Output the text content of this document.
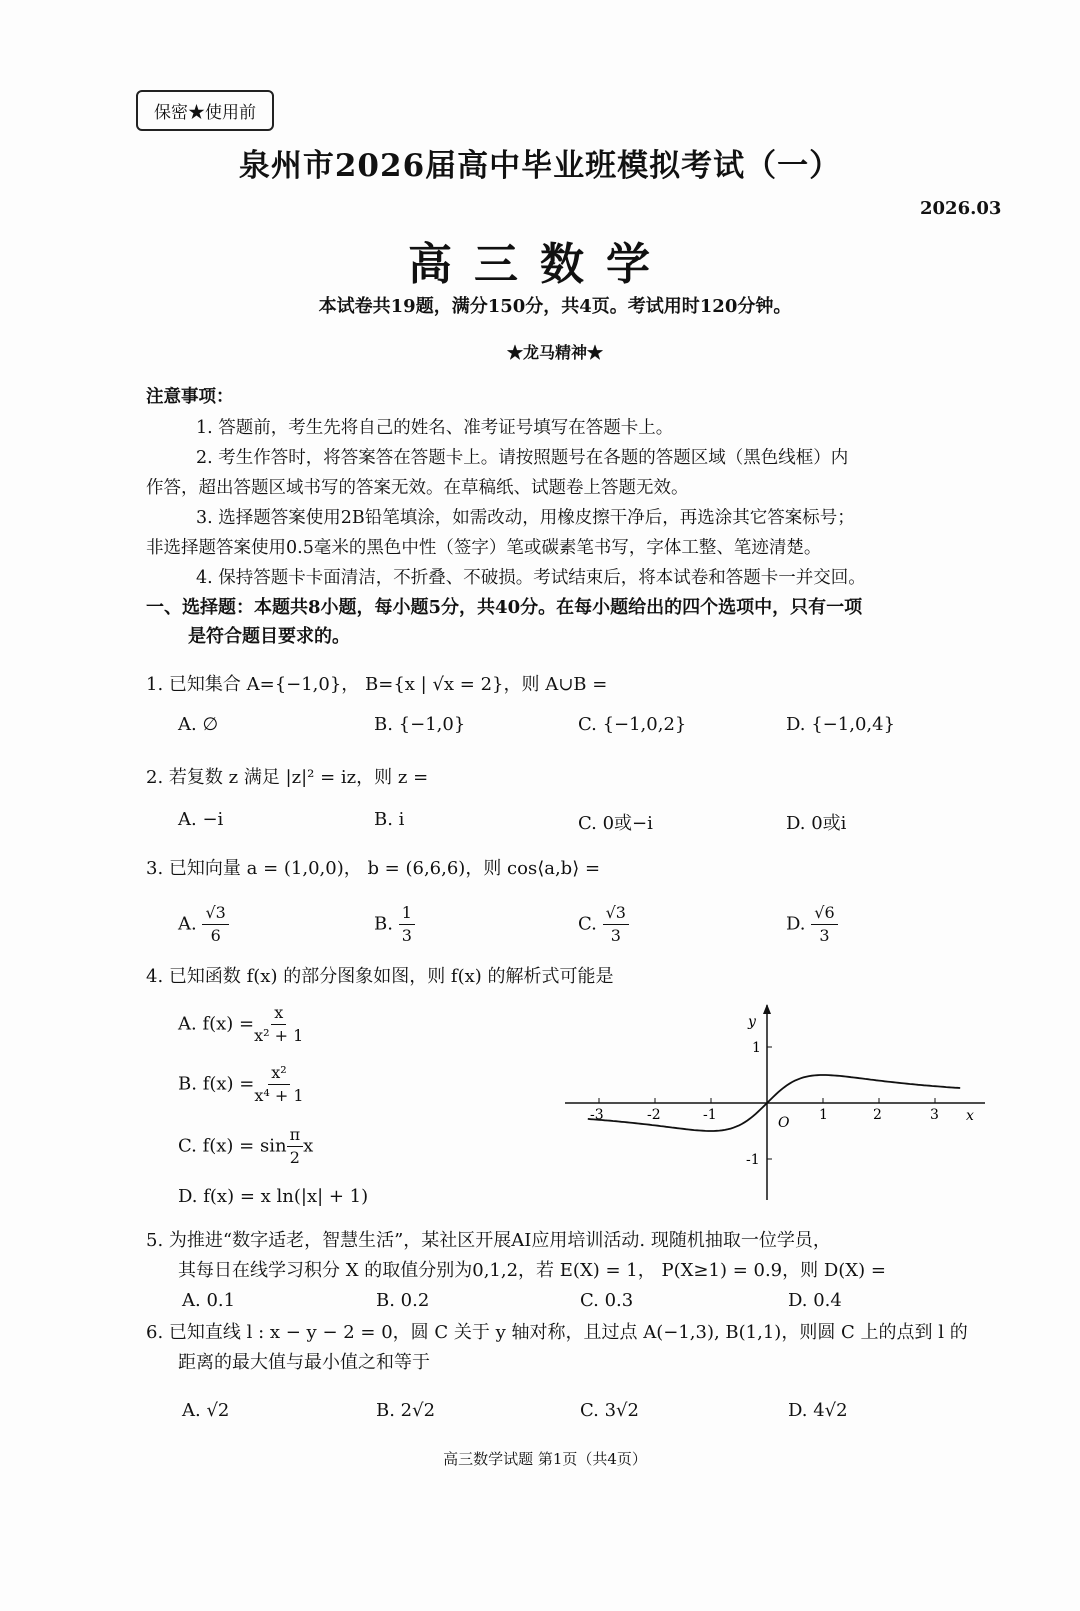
保密★使用前
泉州市2026届高中毕业班模拟考试（一）
2026.03
高三数学
本试卷共19题，满分150分，共4页。考试用时120分钟。
★龙马精神★
注意事项：
1. 答题前，考生先将自己的姓名、准考证号填写在答题卡上。
2. 考生作答时，将答案答在答题卡上。请按照题号在各题的答题区域（黑色线框）内
作答，超出答题区域书写的答案无效。在草稿纸、试题卷上答题无效。
3. 选择题答案使用2B铅笔填涂，如需改动，用橡皮擦干净后，再选涂其它答案标号；
非选择题答案使用0.5毫米的黑色中性（签字）笔或碳素笔书写，字体工整、笔迹清楚。
4. 保持答题卡卡面清洁，不折叠、不破损。考试结束后，将本试卷和答题卡一并交回。
一、选择题：本题共8小题，每小题5分，共40分。在每小题给出的四个选项中，只有一项
是符合题目要求的。
1. 已知集合 A={−1,0}， B={x | √x = 2}，则 A∪B =
A. ∅	B. {−1,0}	C. {−1,0,2}	D. {−1,0,4}
2. 若复数 z 满足 |z|² = iz，则 z =
A. −i	B. i	C. 0或−i	D. 0或i
3. 已知向量 a = (1,0,0)， b = (6,6,6)，则 cos⟨a,b⟩ =
A. $\frac{√3}{6}$	B. $\frac{1}{3}$	C. $\frac{√3}{3}$	D. $\frac{√6}{3}$
4. 已知函数 f(x) 的部分图象如图，则 f(x) 的解析式可能是
A. $f(x) = \frac{x}{\text{x² + 1}}$
B. $f(x) = \frac{\text{x²}}{\text{x⁴ + 1}}$
C. $f(x) = \sin \frac{\pi}{2}$ x
D. f(x) = x ln(|x| + 1)
y
x
O
1
-1
-3	-2	-1	1	2	3
5. 为推进“数字适老，智慧生活”，某社区开展AI应用培训活动. 现随机抽取一位学员，
其每日在线学习积分 X 的取值分别为0,1,2，若 E(X) = 1， P(X≥1) = 0.9，则 D(X) =
A. 0.1	B. 0.2	C. 0.3	D. 0.4
6. 已知直线 l : x − y − 2 = 0，圆 C 关于 y 轴对称，且过点 A(−1,3), B(1,1)，则圆 C 上的点到 l 的
距离的最大值与最小值之和等于
A. √2	B. 2√2	C. 3√2	D. 4√2
高三数学试题 第1页（共4页）
